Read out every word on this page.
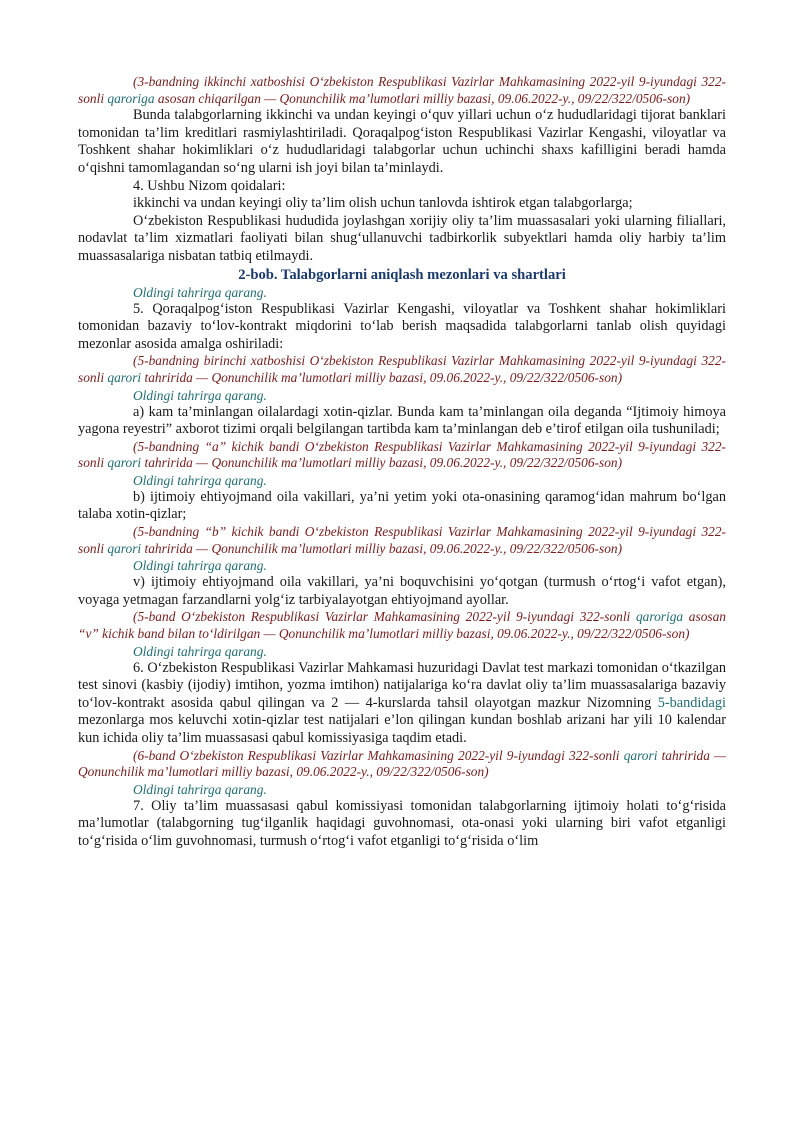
(3-bandning ikkinchi xatboshisi O‘zbekiston Respublikasi Vazirlar Mahkamasining 2022-yil 9-iyundagi 322-sonli qaroriga asosan chiqarilgan — Qonunchilik ma’lumotlari milliy bazasi, 09.06.2022-y., 09/22/322/0506-son)

Bunda talabgorlarning ikkinchi va undan keyingi o‘quv yillari uchun o‘z hududlaridagi tijorat banklari tomonidan ta’lim kreditlari rasmiylashtiriladi. Qoraqalpog‘iston Respublikasi Vazirlar Kengashi, viloyatlar va Toshkent shahar hokimliklari o‘z hududlaridagi talabgorlar uchun uchinchi shaxs kafilligini beradi hamda o‘qishni tamomlagandan so‘ng ularni ish joyi bilan ta’minlaydi.

4. Ushbu Nizom qoidalari:

ikkinchi va undan keyingi oliy ta’lim olish uchun tanlovda ishtirok etgan talabgorlarga;

O‘zbekiston Respublikasi hududida joylashgan xorijiy oliy ta’lim muassasalari yoki ularning filiallari, nodavlat ta’lim xizmatlari faoliyati bilan shug‘ullanuvchi tadbirkorlik subyektlari hamda oliy harbiy ta’lim muassasalariga nisbatan tatbiq etilmaydi.

2-bob. Talabgorlarni aniqlash mezonlari va shartlari

Oldingi tahrirga qarang.

5. Qoraqalpog‘iston Respublikasi Vazirlar Kengashi, viloyatlar va Toshkent shahar hokimliklari tomonidan bazaviy to‘lov-kontrakt miqdorini to‘lab berish maqsadida talabgorlarni tanlab olish quyidagi mezonlar asosida amalga oshiriladi:

(5-bandning birinchi xatboshisi O‘zbekiston Respublikasi Vazirlar Mahkamasining 2022-yil 9-iyundagi 322-sonli qarori tahririda — Qonunchilik ma’lumotlari milliy bazasi, 09.06.2022-y., 09/22/322/0506-son)

Oldingi tahrirga qarang.

a) kam ta’minlangan oilalardagi xotin-qizlar. Bunda kam ta’minlangan oila deganda “Ijtimoiy himoya yagona reyestri” axborot tizimi orqali belgilangan tartibda kam ta’minlangan deb e’tirof etilgan oila tushuniladi;

(5-bandning “a” kichik bandi O‘zbekiston Respublikasi Vazirlar Mahkamasining 2022-yil 9-iyundagi 322-sonli qarori tahririda — Qonunchilik ma’lumotlari milliy bazasi, 09.06.2022-y., 09/22/322/0506-son)

Oldingi tahrirga qarang.

b) ijtimoiy ehtiyojmand oila vakillari, ya’ni yetim yoki ota-onasining qaramog‘idan mahrum bo‘lgan talaba xotin-qizlar;

(5-bandning “b” kichik bandi O‘zbekiston Respublikasi Vazirlar Mahkamasining 2022-yil 9-iyundagi 322-sonli qarori tahririda — Qonunchilik ma’lumotlari milliy bazasi, 09.06.2022-y., 09/22/322/0506-son)

Oldingi tahrirga qarang.

v) ijtimoiy ehtiyojmand oila vakillari, ya’ni boquvchisini yo‘qotgan (turmush o‘rtog‘i vafot etgan), voyaga yetmagan farzandlarni yolg‘iz tarbiyalayotgan ehtiyojmand ayollar.

(5-band O‘zbekiston Respublikasi Vazirlar Mahkamasining 2022-yil 9-iyundagi 322-sonli qaroriga asosan “v” kichik band bilan to‘ldirilgan — Qonunchilik ma’lumotlari milliy bazasi, 09.06.2022-y., 09/22/322/0506-son)

Oldingi tahrirga qarang.

6. O‘zbekiston Respublikasi Vazirlar Mahkamasi huzuridagi Davlat test markazi tomonidan o‘tkazilgan test sinovi (kasbiy (ijodiy) imtihon, yozma imtihon) natijalariga ko‘ra davlat oliy ta’lim muassasalariga bazaviy to‘lov-kontrakt asosida qabul qilingan va 2 — 4-kurslarda tahsil olayotgan mazkur Nizomning 5-bandidagi mezonlarga mos keluvchi xotin-qizlar test natijalari e’lon qilingan kundan boshlab arizani har yili 10 kalendar kun ichida oliy ta’lim muassasasi qabul komissiyasiga taqdim etadi.

(6-band O‘zbekiston Respublikasi Vazirlar Mahkamasining 2022-yil 9-iyundagi 322-sonli qarori tahririda — Qonunchilik ma’lumotlari milliy bazasi, 09.06.2022-y., 09/22/322/0506-son)

Oldingi tahrirga qarang.

7. Oliy ta’lim muassasasi qabul komissiyasi tomonidan talabgorlarning ijtimoiy holati to‘g‘risida ma’lumotlar (talabgorning tug‘ilganlik haqidagi guvohnomasi, ota-onasi yoki ularning biri vafot etganligi to‘g‘risida o‘lim guvohnomasi, turmush o‘rtog‘i vafot etganligi to‘g‘risida o‘lim
